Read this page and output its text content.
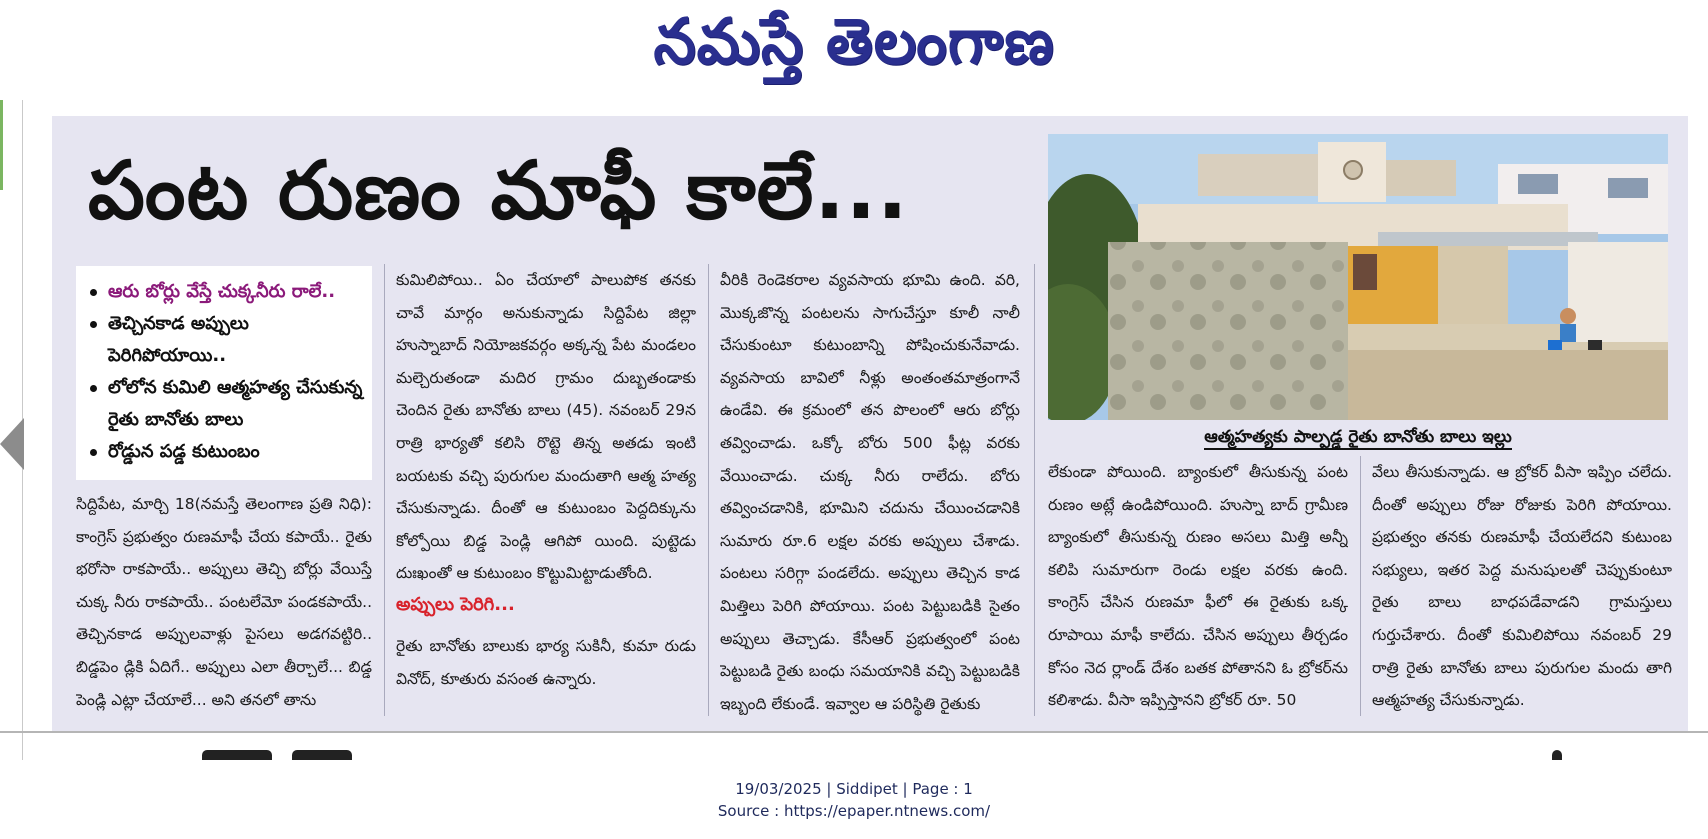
నమస్తే తెలంగాణ
పంట రుణం మాఫీ కాలే...
ఆత్మహత్యకు పాల్పడ్డ రైతు బానోతు బాలు ఇల్లు
ఆరు బోర్లు వేస్తే చుక్కనీరు రాలే..
తెచ్చినకాడ అప్పులు పెరిగిపోయాయి..
లోలోన కుమిలి ఆత్మహత్య చేసుకున్న రైతు బానోతు బాలు
రోడ్డున పడ్డ కుటుంబం

సిద్దిపేట, మార్చి 18(నమస్తే తెలంగాణ ప్రతి నిధి): కాంగ్రెస్ ప్రభుత్వం రుణమాఫీ చేయ కపాయే.. రైతు భరోసా రాకపాయే.. అప్పులు తెచ్చి బోర్లు వేయిస్తే చుక్క నీరు రాకపాయే.. పంటలేమో పండకపాయే.. తెచ్చినకాడ అప్పులవాళ్లు పైసలు అడగవట్టిరి.. బిడ్డపెం డ్లికి ఏదిగే.. అప్పులు ఎలా తీర్చాలే... బిడ్డ పెండ్లి ఎట్లా చేయాలే... అని తనలో తాను

కుమిలిపోయి.. ఏం చేయాలో పాలుపోక తనకు చావే మార్గం అనుకున్నాడు సిద్దిపేట జిల్లా హుస్నాబాద్ నియోజకవర్గం అక్కన్న పేట మండలం మల్చెరుతండా మదిర గ్రామం దుబ్బతండాకు చెందిన రైతు బానోతు బాలు (45). నవంబర్ 29న రాత్రి భార్యతో కలిసి రొట్టె తిన్న అతడు ఇంటి బయటకు వచ్చి పురుగుల మందుతాగి ఆత్మ హత్య చేసుకున్నాడు. దీంతో ఆ కుటుంబం పెద్దదిక్కును కోల్పోయి బిడ్డ పెండ్లి ఆగిపో యింది. పుట్టెడు దుఃఖంతో ఆ కుటుంబం కొట్టుమిట్టాడుతోంది.

అప్పులు పెరిగి...

రైతు బానోతు బాలుకు భార్య సుకినీ, కుమా రుడు వినోద్, కూతురు వసంత ఉన్నారు.

వీరికి రెండెకరాల వ్యవసాయ భూమి ఉంది. వరి, మొక్కజొన్న పంటలను సాగుచేస్తూ కూలీ నాలీ చేసుకుంటూ కుటుంబాన్ని పోషించుకునేవాడు. వ్యవసాయ బావిలో నీళ్లు అంతంతమాత్రంగానే ఉండేవి. ఈ క్రమంలో తన పొలంలో ఆరు బోర్లు తవ్వించాడు. ఒక్కో బోరు 500 ఫీట్ల వరకు వేయించాడు. చుక్క నీరు రాలేదు. బోరు తవ్వించడానికి, భూమిని చదును చేయించడానికి సుమారు రూ.6 లక్షల వరకు అప్పులు చేశాడు. పంటలు సరిగ్గా పండలేదు. అప్పులు తెచ్చిన కాడ మిత్తిలు పెరిగి పోయాయి. పంట పెట్టుబడికి సైతం అప్పులు తెచ్చాడు. కేసీఆర్ ప్రభుత్వంలో పంట పెట్టుబడి రైతు బంధు సమయానికి వచ్చి పెట్టుబడికి ఇబ్బంది లేకుండే. ఇవ్వాల ఆ పరిస్థితి రైతుకు

లేకుండా పోయింది. బ్యాంకులో తీసుకున్న పంట రుణం అట్లే ఉండిపోయింది. హుస్నా బాద్ గ్రామీణ బ్యాంకులో తీసుకున్న రుణం అసలు మిత్తి అన్నీ కలిపి సుమారుగా రెండు లక్షల వరకు ఉంది. కాంగ్రెస్ చేసిన రుణమా ఫీలో ఈ రైతుకు ఒక్క రూపాయి మాఫీ కాలేదు. చేసిన అప్పులు తీర్చడం కోసం నెద ర్లాండ్ దేశం బతక పోతానని ఓ బ్రోకర్‌ను కలిశాడు. వీసా ఇప్పిస్తానని బ్రోకర్ రూ. 50

వేలు తీసుకున్నాడు. ఆ బ్రోకర్ వీసా ఇప్పిం చలేదు. దీంతో అప్పులు రోజు రోజుకు పెరిగి పోయాయి. ప్రభుత్వం తనకు రుణమాఫీ చేయలేదని కుటుంబ సభ్యులు, ఇతర పెద్ద మనుషులతో చెప్పుకుంటూ రైతు బాలు బాధపడేవాడని గ్రామస్తులు గుర్తుచేశారు. దీంతో కుమిలిపోయి నవంబర్ 29 రాత్రి రైతు బానోతు బాలు పురుగుల మందు తాగి ఆత్మహత్య చేసుకున్నాడు.

19/03/2025 | Siddipet | Page : 1
Source : https://epaper.ntnews.com/
